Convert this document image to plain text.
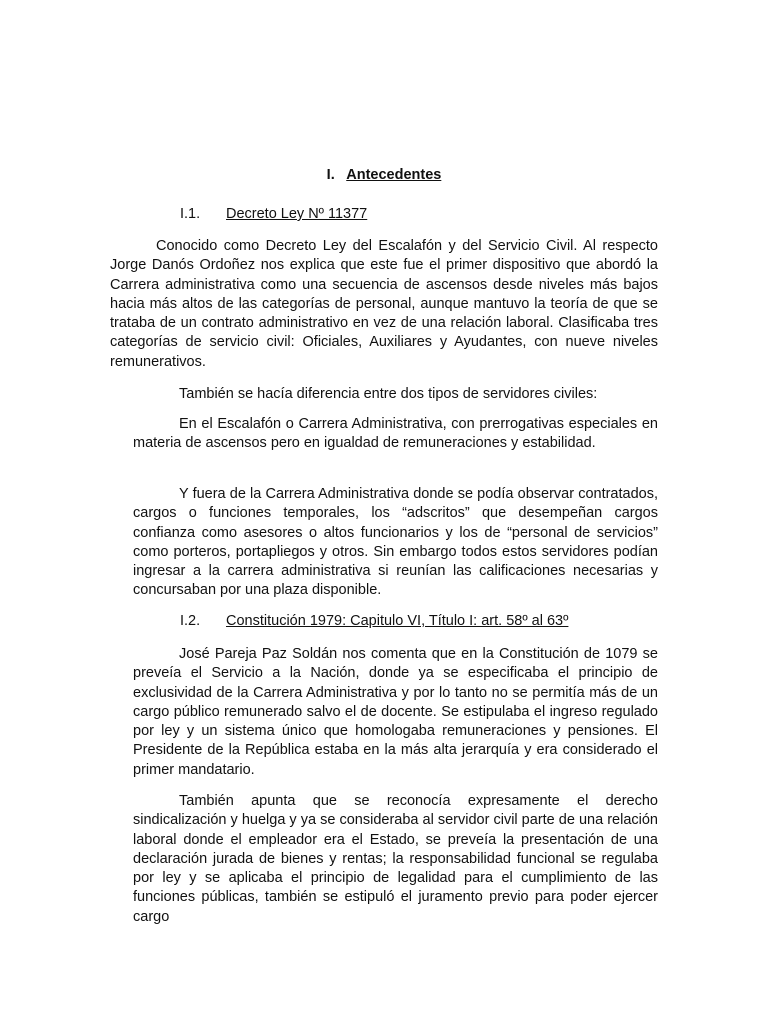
I. Antecedentes
I.1. Decreto Ley Nº 11377

Conocido como Decreto Ley del Escalafón y del Servicio Civil. Al respecto Jorge Danós Ordoñez nos explica que este fue el primer dispositivo que abordó la Carrera administrativa como una secuencia de ascensos desde niveles más bajos hacia más altos de las categorías de personal, aunque mantuvo la teoría de que se trataba de un contrato administrativo en vez de una relación laboral. Clasificaba tres categorías de servicio civil: Oficiales, Auxiliares y Ayudantes, con nueve niveles remunerativos.

También se hacía diferencia entre dos tipos de servidores civiles:

En el Escalafón o Carrera Administrativa, con prerrogativas especiales en materia de ascensos pero en igualdad de remuneraciones y estabilidad.

Y fuera de la Carrera Administrativa donde se podía observar contratados, cargos o funciones temporales, los “adscritos” que desempeñan cargos confianza como asesores o altos funcionarios y los de “personal de servicios” como porteros, portapliegos y otros. Sin embargo todos estos servidores podían ingresar a la carrera administrativa si reunían las calificaciones necesarias y concursaban por una plaza disponible.

I.2. Constitución 1979: Capitulo VI, Título I: art. 58º al 63º

José Pareja Paz Soldán nos comenta que en la Constitución de 1079 se preveía el Servicio a la Nación, donde ya se especificaba el principio de exclusividad de la Carrera Administrativa y por lo tanto no se permitía más de un cargo público remunerado salvo el de docente. Se estipulaba el ingreso regulado por ley y un sistema único que homologaba remuneraciones y pensiones. El Presidente de la República estaba en la más alta jerarquía y era considerado el primer mandatario.

También apunta que se reconocía expresamente el derecho sindicalización y huelga y ya se consideraba al servidor civil parte de una relación laboral donde el empleador era el Estado, se preveía la presentación de una declaración jurada de bienes y rentas; la responsabilidad funcional se regulaba por ley y se aplicaba el principio de legalidad para el cumplimiento de las funciones públicas, también se estipuló el juramento previo para poder ejercer cargo
